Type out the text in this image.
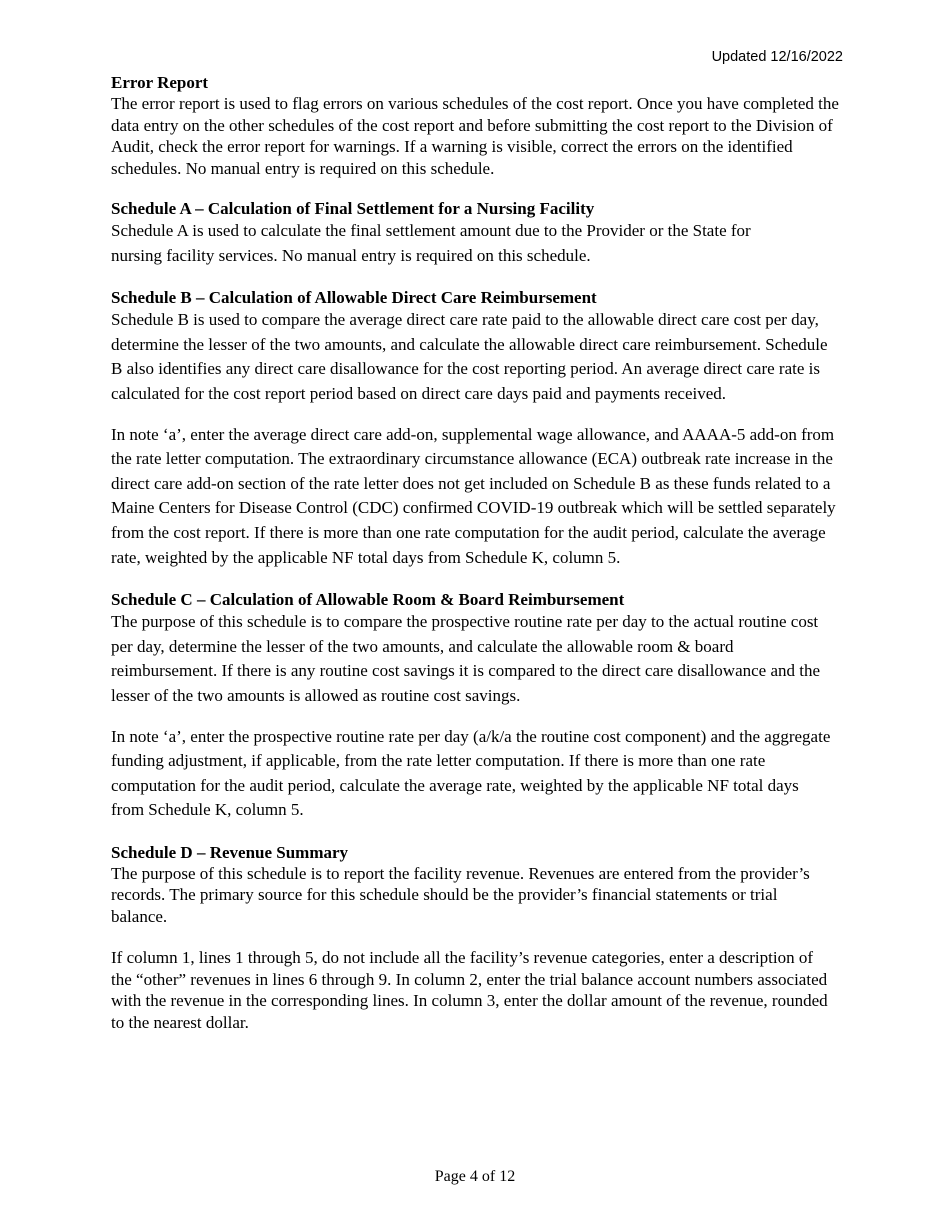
Updated 12/16/2022

Error Report

The error report is used to flag errors on various schedules of the cost report. Once you have completed the data entry on the other schedules of the cost report and before submitting the cost report to the Division of Audit, check the error report for warnings. If a warning is visible, correct the errors on the identified schedules. No manual entry is required on this schedule.

Schedule A – Calculation of Final Settlement for a Nursing Facility

Schedule A is used to calculate the final settlement amount due to the Provider or the State for nursing facility services. No manual entry is required on this schedule.

Schedule B – Calculation of Allowable Direct Care Reimbursement

Schedule B is used to compare the average direct care rate paid to the allowable direct care cost per day, determine the lesser of the two amounts, and calculate the allowable direct care reimbursement. Schedule B also identifies any direct care disallowance for the cost reporting period. An average direct care rate is calculated for the cost report period based on direct care days paid and payments received.

In note ‘a’, enter the average direct care add-on, supplemental wage allowance, and AAAA-5 add-on from the rate letter computation. The extraordinary circumstance allowance (ECA) outbreak rate increase in the direct care add-on section of the rate letter does not get included on Schedule B as these funds related to a Maine Centers for Disease Control (CDC) confirmed COVID-19 outbreak which will be settled separately from the cost report. If there is more than one rate computation for the audit period, calculate the average rate, weighted by the applicable NF total days from Schedule K, column 5.

Schedule C – Calculation of Allowable Room & Board Reimbursement

The purpose of this schedule is to compare the prospective routine rate per day to the actual routine cost per day, determine the lesser of the two amounts, and calculate the allowable room & board reimbursement. If there is any routine cost savings it is compared to the direct care disallowance and the lesser of the two amounts is allowed as routine cost savings.

In note ‘a’, enter the prospective routine rate per day (a/k/a the routine cost component) and the aggregate funding adjustment, if applicable, from the rate letter computation. If there is more than one rate computation for the audit period, calculate the average rate, weighted by the applicable NF total days from Schedule K, column 5.

Schedule D – Revenue Summary

The purpose of this schedule is to report the facility revenue. Revenues are entered from the provider’s records. The primary source for this schedule should be the provider’s financial statements or trial balance.

If column 1, lines 1 through 5, do not include all the facility’s revenue categories, enter a description of the “other” revenues in lines 6 through 9. In column 2, enter the trial balance account numbers associated with the revenue in the corresponding lines. In column 3, enter the dollar amount of the revenue, rounded to the nearest dollar.

Page 4 of 12
